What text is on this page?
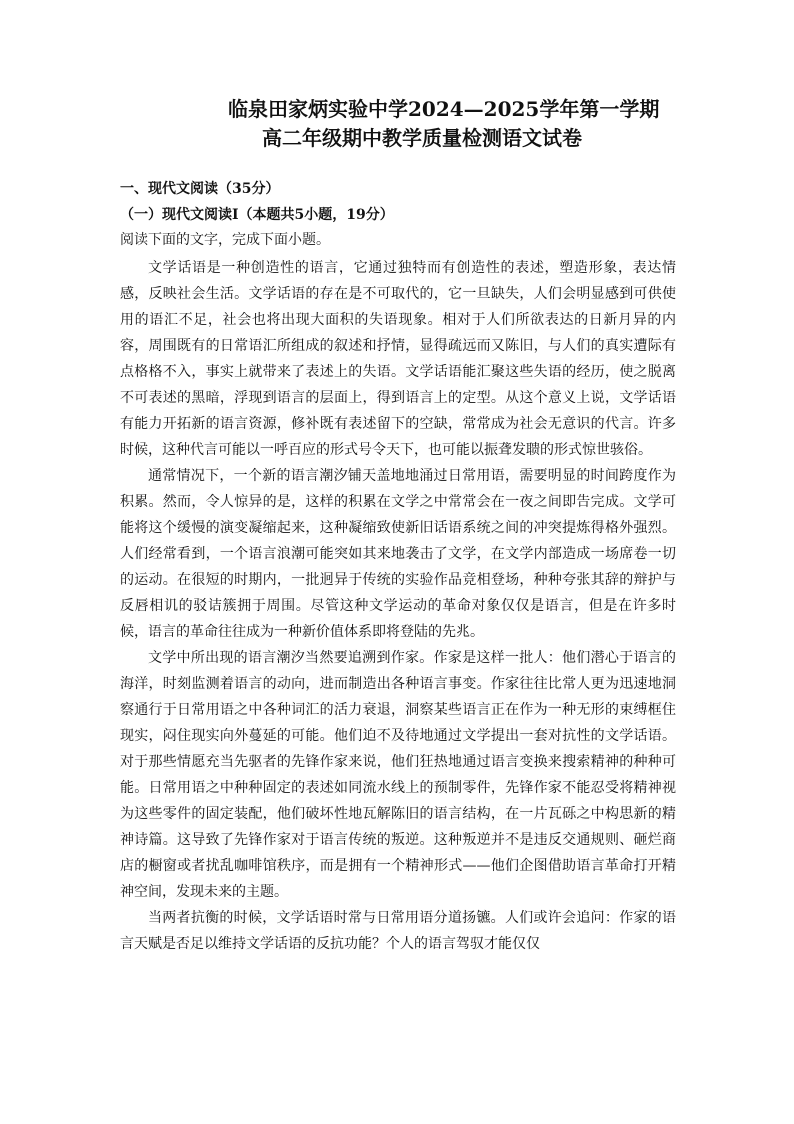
临泉田家炳实验中学2024—2025学年第一学期
高二年级期中教学质量检测语文试卷
一、现代文阅读（35分）
（一）现代文阅读Ⅰ（本题共5小题，19分）
阅读下面的文字，完成下面小题。

文学话语是一种创造性的语言，它通过独特而有创造性的表述，塑造形象，表达情感，反映社会生活。文学话语的存在是不可取代的，它一旦缺失，人们会明显感到可供使用的语汇不足，社会也将出现大面积的失语现象。相对于人们所欲表达的日新月异的内容，周围既有的日常语汇所组成的叙述和抒情，显得疏远而又陈旧，与人们的真实遭际有点格格不入，事实上就带来了表述上的失语。文学话语能汇聚这些失语的经历，使之脱离不可表述的黑暗，浮现到语言的层面上，得到语言上的定型。从这个意义上说，文学话语有能力开拓新的语言资源，修补既有表述留下的空缺，常常成为社会无意识的代言。许多时候，这种代言可能以一呼百应的形式号令天下，也可能以振聋发聩的形式惊世骇俗。

通常情况下，一个新的语言潮汐铺天盖地地涌过日常用语，需要明显的时间跨度作为积累。然而，令人惊异的是，这样的积累在文学之中常常会在一夜之间即告完成。文学可能将这个缓慢的演变凝缩起来，这种凝缩致使新旧话语系统之间的冲突提炼得格外强烈。人们经常看到，一个语言浪潮可能突如其来地袭击了文学，在文学内部造成一场席卷一切的运动。在很短的时期内，一批迥异于传统的实验作品竞相登场，种种夸张其辞的辩护与反唇相讥的驳诘簇拥于周围。尽管这种文学运动的革命对象仅仅是语言，但是在许多时候，语言的革命往往成为一种新价值体系即将登陆的先兆。

文学中所出现的语言潮汐当然要追溯到作家。作家是这样一批人：他们潜心于语言的海洋，时刻监测着语言的动向，进而制造出各种语言事变。作家往往比常人更为迅速地洞察通行于日常用语之中各种词汇的活力衰退，洞察某些语言正在作为一种无形的束缚框住现实，闷住现实向外蔓延的可能。他们迫不及待地通过文学提出一套对抗性的文学话语。对于那些情愿充当先驱者的先锋作家来说，他们狂热地通过语言变换来搜索精神的种种可能。日常用语之中种种固定的表述如同流水线上的预制零件，先锋作家不能忍受将精神视为这些零件的固定装配，他们破坏性地瓦解陈旧的语言结构，在一片瓦砾之中构思新的精神诗篇。这导致了先锋作家对于语言传统的叛逆。这种叛逆并不是违反交通规则、砸烂商店的橱窗或者扰乱咖啡馆秩序，而是拥有一个精神形式——他们企图借助语言革命打开精神空间，发现未来的主题。

当两者抗衡的时候，文学话语时常与日常用语分道扬镳。人们或许会追问：作家的语言天赋是否足以维持文学话语的反抗功能？个人的语言驾驭才能仅仅
